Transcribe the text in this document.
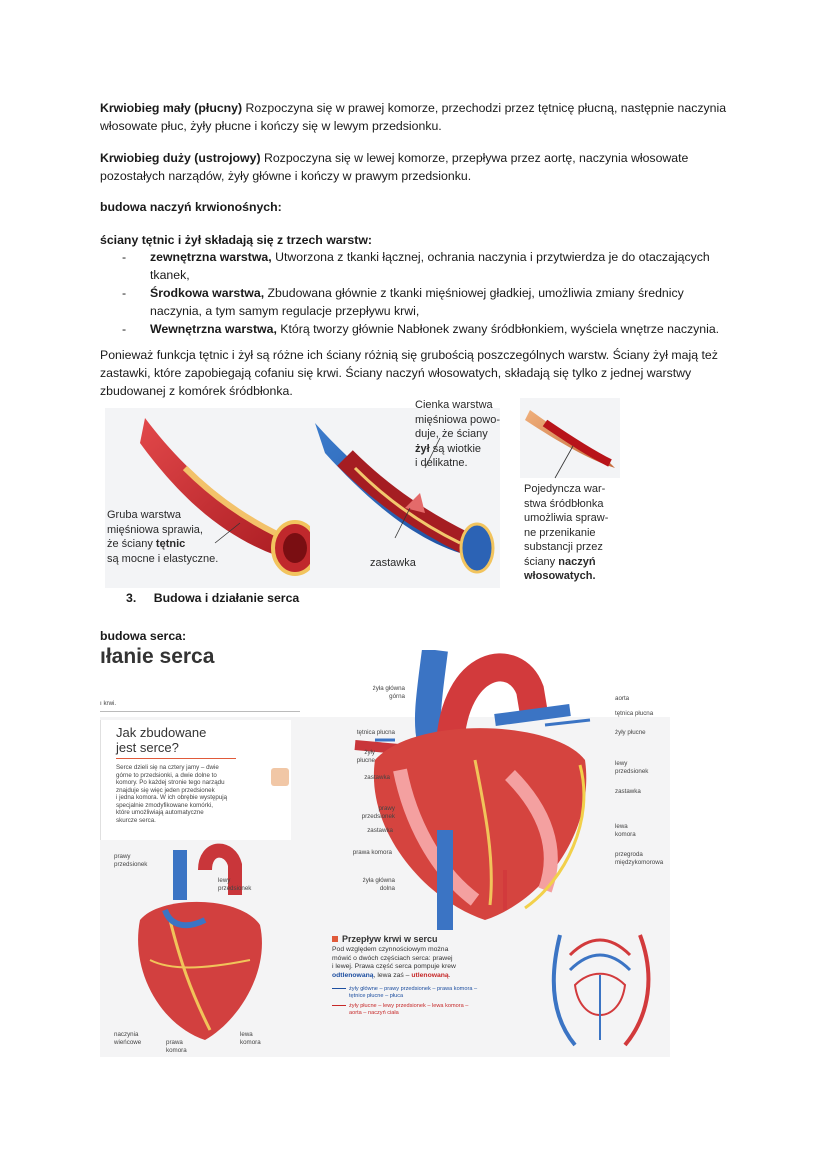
Krwiobieg mały (płucny) Rozpoczyna się w prawej komorze, przechodzi przez tętnicę płucną, następnie naczynia włosowate płuc, żyły płucne i kończy się w lewym przedsionku.
Krwiobieg duży (ustrojowy) Rozpoczyna się w lewej komorze, przepływa przez aortę, naczynia włosowate pozostałych narządów, żyły główne i kończy w prawym przedsionku.
budowa naczyń krwionośnych:
ściany tętnic i żył składają się z trzech warstw:
- zewnętrzna warstwa, Utworzona z tkanki łącznej, ochrania naczynia i przytwierdza je do otaczających tkanek,
- Środkowa warstwa, Zbudowana głównie z tkanki mięśniowej gładkiej, umożliwia zmiany średnicy naczynia, a tym samym regulacje przepływu krwi,
- Wewnętrzna warstwa, Którą tworzy głównie Nabłonek zwany śródbłonkiem, wyściela wnętrze naczynia.
Ponieważ funkcja tętnic i żył są różne ich ściany różnią się grubością poszczególnych warstw. Ściany żył mają też zastawki, które zapobiegają cofaniu się krwi. Ściany naczyń włosowatych, składają się tylko z jednej warstwy zbudowanej z komórek śródbłonka.
Gruba warstwa
mięśniowa sprawia,
że ściany tętnic
są mocne i elastyczne.
Cienka warstwa
mięśniowa powo-
duje, że ściany
żył są wiotkie
i delikatne.
zastawka
Pojedyncza war-
stwa śródbłonka
umożliwia spraw-
ne przenikanie
substancji przez
ściany naczyń
włosowatych.
3. Budowa i działanie serca
budowa serca:
ıłanie serca
ı krwi.
Jak zbudowane
jest serce?
Serce dzieli się na cztery jamy – dwie
górne to przedsionki, a dwie dolne to
komory. Po każdej stronie tego narządu
znajduje się więc jeden przedsionek
i jedna komora. W ich obrębie występują
specjalnie zmodyfikowane komórki,
które umożliwiają automatyczne
skurcze serca.
prawy
przedsionek
lewy
przedsionek
naczynia
wieńcowe	prawa
komora
lewa
komora
żyła główna
górna
tętnica płucna
żyły
płucne
zastawka
prawy
przedsionek
zastawka
prawa komora
żyła główna
dolna
aorta
tętnica płucna
żyły płucne
lewy
przedsionek
zastawka
lewa
komora
przegroda
międzykomorowa
Przepływ krwi w sercu
Pod względem czynnościowym można
mówić o dwóch częściach serca: prawej
i lewej. Prawa część serca pompuje krew
odtlenowaną, lewa zaś – utlenowaną.
żyły główne – prawy przedsionek – prawa komora –
tętnice płucne – płuca
żyły płucne – lewy przedsionek – lewa komora –
aorta – naczyń ciała
